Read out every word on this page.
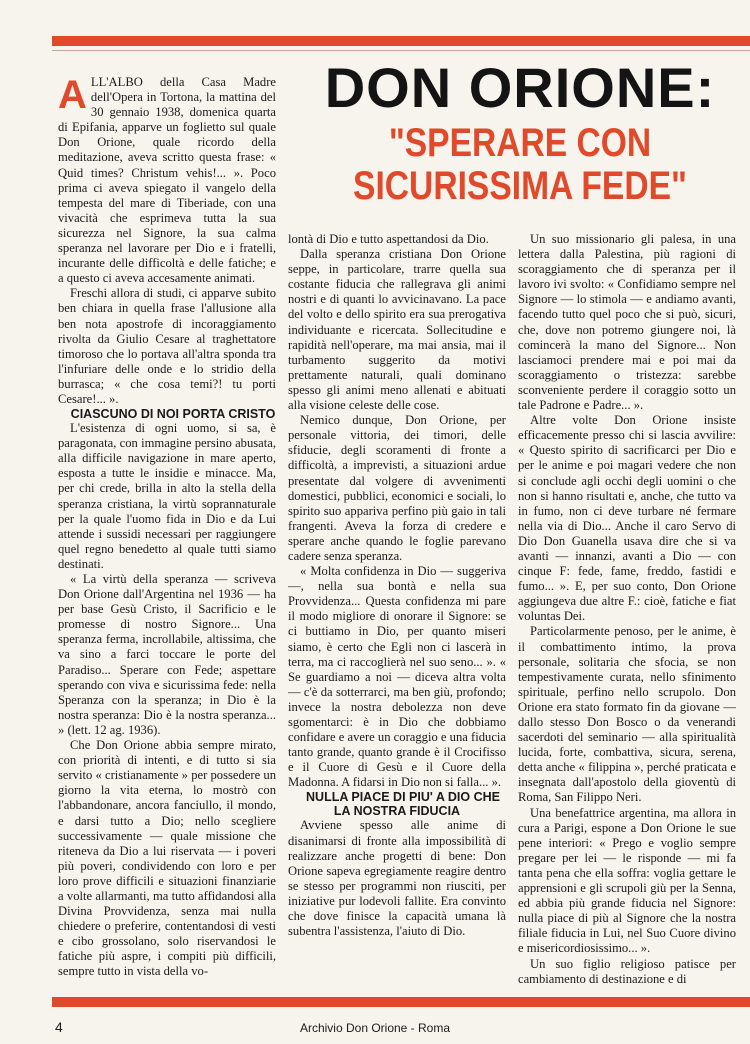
DON ORIONE:
"SPERARE CON
SICURISSIMA FEDE"

ALL'ALBO della Casa Madre dell'Opera in Tortona, la mattina del 30 gennaio 1938, domenica quarta di Epifania, apparve un foglietto sul quale Don Orione, quale ricordo della meditazione, aveva scritto questa frase: « Quid times? Christum vehis!... ». Poco prima ci aveva spiegato il vangelo della tempesta del mare di Tiberiade, con una vivacità che esprimeva tutta la sua sicurezza nel Signore, la sua calma speranza nel lavorare per Dio e i fratelli, incurante delle difficoltà e delle fatiche; e a questo ci aveva accesamente animati.

Freschi allora di studi, ci apparve subito ben chiara in quella frase l'allusione alla ben nota apostrofe di incoraggiamento rivolta da Giulio Cesare al traghettatore timoroso che lo portava all'altra sponda tra l'infuriare delle onde e lo stridio della burrasca; « che cosa temi?! tu porti Cesare!... ».

CIASCUNO DI NOI PORTA CRISTO

L'esistenza di ogni uomo, si sa, è paragonata, con immagine persino abusata, alla difficile navigazione in mare aperto, esposta a tutte le insidie e minacce. Ma, per chi crede, brilla in alto la stella della speranza cristiana, la virtù soprannaturale per la quale l'uomo fida in Dio e da Lui attende i sussidi necessari per raggiungere quel regno benedetto al quale tutti siamo destinati.

« La virtù della speranza — scriveva Don Orione dall'Argentina nel 1936 — ha per base Gesù Cristo, il Sacrificio e le promesse di nostro Signore... Una speranza ferma, incrollabile, altissima, che va sino a farci toccare le porte del Paradiso... Sperare con Fede; aspettare sperando con viva e sicurissima fede: nella Speranza con la speranza; in Dio è la nostra speranza: Dio è la nostra speranza... » (lett. 12 ag. 1936).

Che Don Orione abbia sempre mirato, con priorità di intenti, e di tutto si sia servito « cristianamente » per possedere un giorno la vita eterna, lo mostrò con l'abbandonare, ancora fanciullo, il mondo, e darsi tutto a Dio; nello scegliere successivamente — quale missione che riteneva da Dio a lui riservata — i poveri più poveri, condividendo con loro e per loro prove difficili e situazioni finanziarie a volte allarmanti, ma tutto affidandosi alla Divina Provvidenza, senza mai nulla chiedere o preferire, contentandosi di vesti e cibo grossolano, solo riservandosi le fatiche più aspre, i compiti più difficili, sempre tutto in vista della vo-

lontà di Dio e tutto aspettandosi da Dio.

Dalla speranza cristiana Don Orione seppe, in particolare, trarre quella sua costante fiducia che rallegrava gli animi nostri e di quanti lo avvicinavano. La pace del volto e dello spirito era sua prerogativa individuante e ricercata. Sollecitudine e rapidità nell'operare, ma mai ansia, mai il turbamento suggerito da motivi prettamente naturali, quali dominano spesso gli animi meno allenati e abituati alla visione celeste delle cose.

Nemico dunque, Don Orione, per personale vittoria, dei timori, delle sfiducie, degli scoramenti di fronte a difficoltà, a imprevisti, a situazioni ardue presentate dal volgere di avvenimenti domestici, pubblici, economici e sociali, lo spirito suo appariva perfino più gaio in tali frangenti. Aveva la forza di credere e sperare anche quando le foglie parevano cadere senza speranza.

« Molta confidenza in Dio — suggeriva —, nella sua bontà e nella sua Provvidenza... Questa confidenza mi pare il modo migliore di onorare il Signore: se ci buttiamo in Dio, per quanto miseri siamo, è certo che Egli non ci lascerà in terra, ma ci raccoglierà nel suo seno... ». « Se guardiamo a noi — diceva altra volta — c'è da sotterrarci, ma ben giù, profondo; invece la nostra debolezza non deve sgomentarci: è in Dio che dobbiamo confidare e avere un coraggio e una fiducia tanto grande, quanto grande è il Crocifisso e il Cuore di Gesù e il Cuore della Madonna. A fidarsi in Dio non si falla... ».

NULLA PIACE DI PIU' A DIO CHE LA NOSTRA FIDUCIA

Avviene spesso alle anime di disanimarsi di fronte alla impossibilità di realizzare anche progetti di bene: Don Orione sapeva egregiamente reagire dentro se stesso per programmi non riusciti, per iniziative pur lodevoli fallite. Era convinto che dove finisce la capacità umana là subentra l'assistenza, l'aiuto di Dio.

Un suo missionario gli palesa, in una lettera dalla Palestina, più ragioni di scoraggiamento che di speranza per il lavoro ivi svolto: « Confidiamo sempre nel Signore — lo stimola — e andiamo avanti, facendo tutto quel poco che si può, sicuri, che, dove non potremo giungere noi, là comincerà la mano del Signore... Non lasciamoci prendere mai e poi mai da scoraggiamento o tristezza: sarebbe sconveniente perdere il coraggio sotto un tale Padrone e Padre... ».

Altre volte Don Orione insiste efficacemente presso chi si lascia avvilire: « Questo spirito di sacrificarci per Dio e per le anime e poi magari vedere che non si conclude agli occhi degli uomini o che non si hanno risultati e, anche, che tutto va in fumo, non ci deve turbare né fermare nella via di Dio... Anche il caro Servo di Dio Don Guanella usava dire che si va avanti — innanzi, avanti a Dio — con cinque F: fede, fame, freddo, fastidi e fumo... ». E, per suo conto, Don Orione aggiungeva due altre F.: cioè, fatiche e fiat voluntas Dei.

Particolarmente penoso, per le anime, è il combattimento intimo, la prova personale, solitaria che sfocia, se non tempestivamente curata, nello sfinimento spirituale, perfino nello scrupolo. Don Orione era stato formato fin da giovane — dallo stesso Don Bosco o da venerandi sacerdoti del seminario — alla spiritualità lucida, forte, combattiva, sicura, serena, detta anche « filippina », perché praticata e insegnata dall'apostolo della gioventù di Roma, San Filippo Neri.

Una benefattrice argentina, ma allora in cura a Parigi, espone a Don Orione le sue pene interiori: « Prego e voglio sempre pregare per lei — le risponde — mi fa tanta pena che ella soffra: voglia gettare le apprensioni e gli scrupoli giù per la Senna, ed abbia più grande fiducia nel Signore: nulla piace di più al Signore che la nostra filiale fiducia in Lui, nel Suo Cuore divino e misericordiosissimo... ».

Un suo figlio religioso patisce per cambiamento di destinazione e di

4	Archivio Don Orione - Roma
